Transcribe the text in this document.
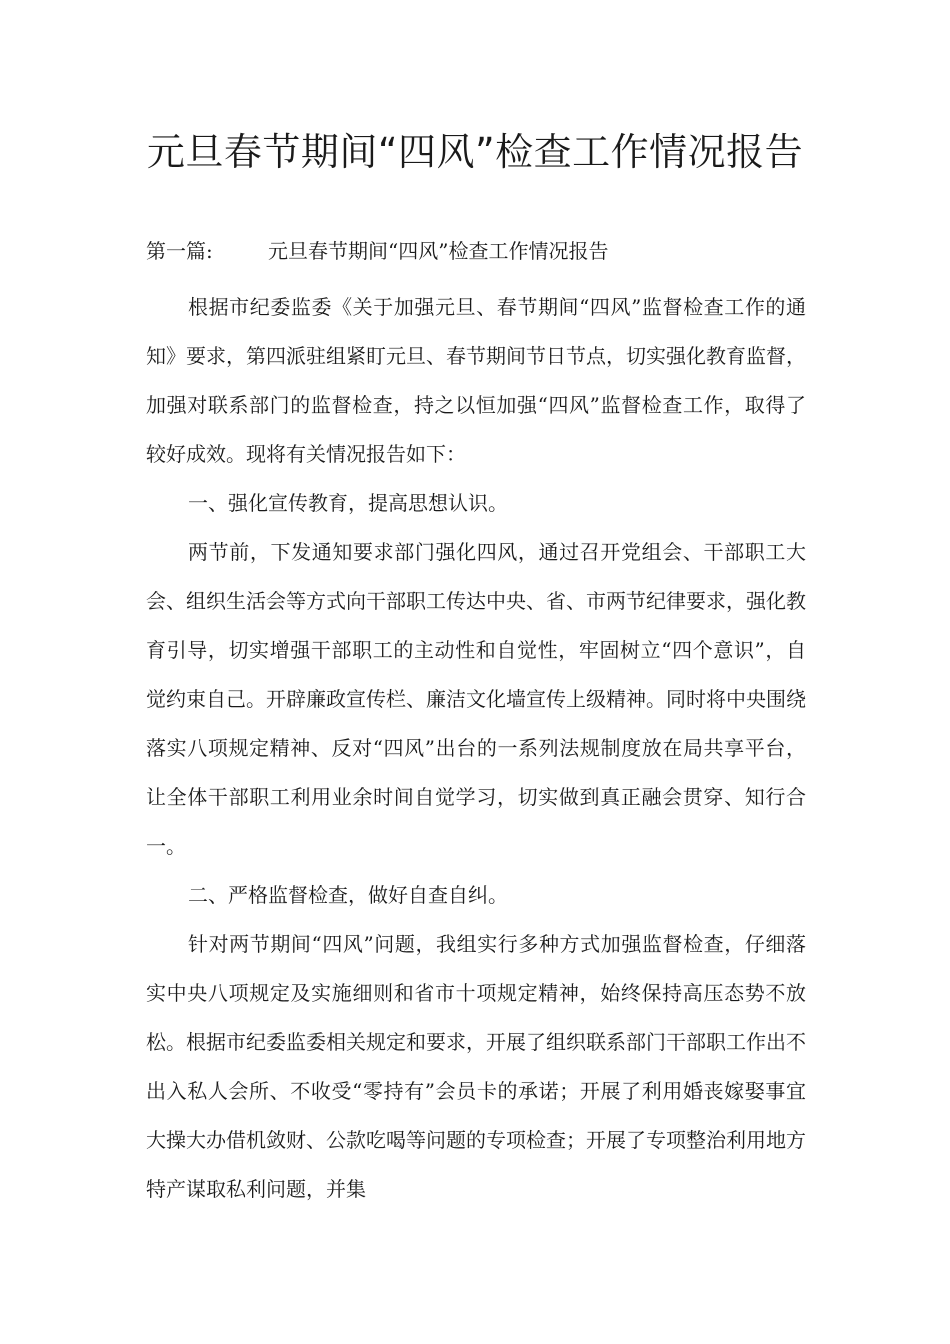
元旦春节期间“四风”检查工作情况报告
第一篇:	元旦春节期间“四风”检查工作情况报告

根据市纪委监委《关于加强元旦、春节期间“四风”监督检查工作的通知》要求，第四派驻组紧盯元旦、春节期间节日节点，切实强化教育监督，加强对联系部门的监督检查，持之以恒加强“四风”监督检查工作，取得了较好成效。现将有关情况报告如下：

一、强化宣传教育，提高思想认识。

两节前，下发通知要求部门强化四风，通过召开党组会、干部职工大会、组织生活会等方式向干部职工传达中央、省、市两节纪律要求，强化教育引导，切实增强干部职工的主动性和自觉性，牢固树立“四个意识”，自觉约束自己。开辟廉政宣传栏、廉洁文化墙宣传上级精神。同时将中央围绕落实八项规定精神、反对“四风”出台的一系列法规制度放在局共享平台，让全体干部职工利用业余时间自觉学习，切实做到真正融会贯穿、知行合一。

二、严格监督检查，做好自查自纠。

针对两节期间“四风”问题，我组实行多种方式加强监督检查，仔细落实中央八项规定及实施细则和省市十项规定精神，始终保持高压态势不放松。根据市纪委监委相关规定和要求，开展了组织联系部门干部职工作出不出入私人会所、不收受“零持有”会员卡的承诺；开展了利用婚丧嫁娶事宜大操大办借机敛财、公款吃喝等问题的专项检查；开展了专项整治利用地方特产谋取私利问题，并集
